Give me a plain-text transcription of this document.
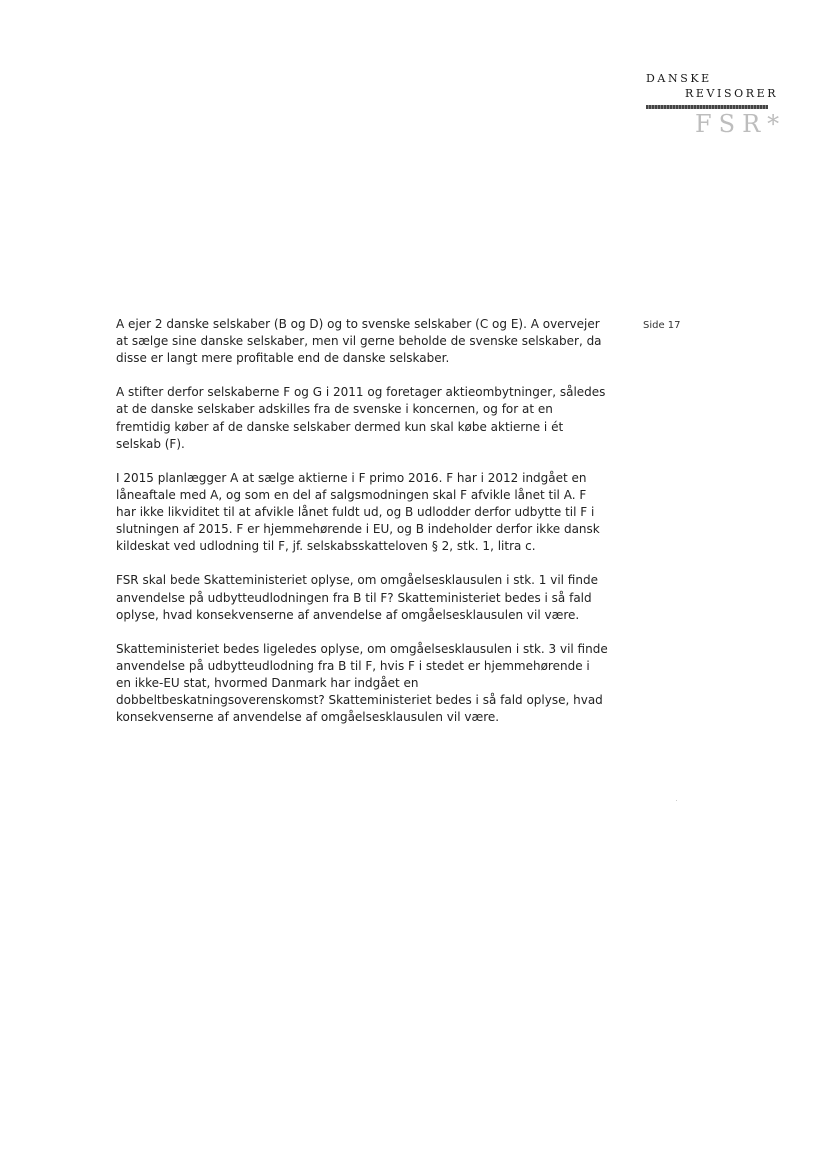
DANSKE
REVISORER
FSR*
Side 17

A ejer 2 danske selskaber (B og D) og to svenske selskaber (C og E). A overvejer
at sælge sine danske selskaber, men vil gerne beholde de svenske selskaber, da
disse er langt mere profitable end de danske selskaber.

A stifter derfor selskaberne F og G i 2011 og foretager aktieombytninger, således
at de danske selskaber adskilles fra de svenske i koncernen, og for at en
fremtidig køber af de danske selskaber dermed kun skal købe aktierne i ét
selskab (F).

I 2015 planlægger A at sælge aktierne i F primo 2016. F har i 2012 indgået en
låneaftale med A, og som en del af salgsmodningen skal F afvikle lånet til A. F
har ikke likviditet til at afvikle lånet fuldt ud, og B udlodder derfor udbytte til F i
slutningen af 2015. F er hjemmehørende i EU, og B indeholder derfor ikke dansk
kildeskat ved udlodning til F, jf. selskabsskatteloven § 2, stk. 1, litra c.

FSR skal bede Skatteministeriet oplyse, om omgåelsesklausulen i stk. 1 vil finde
anvendelse på udbytteudlodningen fra B til F? Skatteministeriet bedes i så fald
oplyse, hvad konsekvenserne af anvendelse af omgåelsesklausulen vil være.

Skatteministeriet bedes ligeledes oplyse, om omgåelsesklausulen i stk. 3 vil finde
anvendelse på udbytteudlodning fra B til F, hvis F i stedet er hjemmehørende i
en ikke-EU stat, hvormed Danmark har indgået en
dobbeltbeskatningsoverenskomst? Skatteministeriet bedes i så fald oplyse, hvad
konsekvenserne af anvendelse af omgåelsesklausulen vil være.
